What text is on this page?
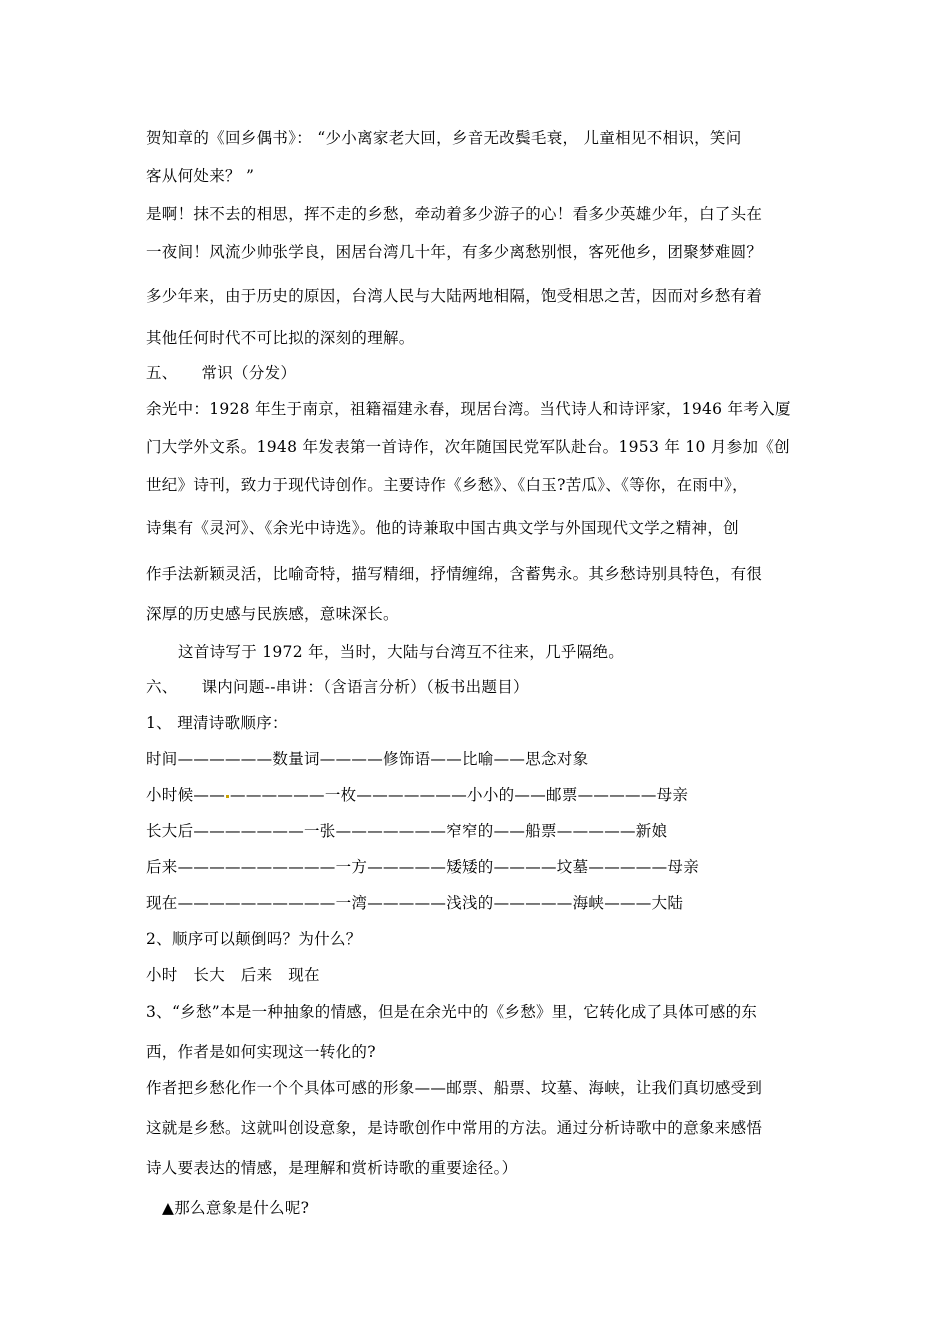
贺知章的《回乡偶书》： “少小离家老大回，乡音无改鬓毛衰， 儿童相见不相识，笑问
客从何处来？ ”
是啊！抹不去的相思，挥不走的乡愁，牵动着多少游子的心！看多少英雄少年，白了头在
一夜间！风流少帅张学良，困居台湾几十年，有多少离愁别恨，客死他乡，团聚梦难圆？
多少年来，由于历史的原因，台湾人民与大陆两地相隔，饱受相思之苦，因而对乡愁有着
其他任何时代不可比拟的深刻的理解。
五、　　常识（分发）
余光中：1928 年生于南京，祖籍福建永春，现居台湾。当代诗人和诗评家，1946 年考入厦
门大学外文系。1948 年发表第一首诗作，次年随国民党军队赴台。1953 年 10 月参加《创
世纪》诗刊，致力于现代诗创作。主要诗作《乡愁》、《白玉?苦瓜》、《等你，在雨中》，
诗集有《灵河》、《余光中诗选》。他的诗兼取中国古典文学与外国现代文学之精神，创
作手法新颖灵活，比喻奇特，描写精细，抒情缠绵，含蓄隽永。其乡愁诗别具特色，有很
深厚的历史感与民族感，意味深长。
这首诗写于 1972 年，当时，大陆与台湾互不往来，几乎隔绝。
六、　　课内问题--串讲：（含语言分析）（板书出题目）
1、 理清诗歌顺序：
时间——————数量词————修饰语——比喻——思念对象
小时候—— ——————一枚———————小小的——邮票—————母亲
长大后———————一张———————窄窄的——船票—————新娘
后来——————————一方—————矮矮的————坟墓—————母亲
现在——————————一湾—————浅浅的—————海峡———大陆
2、顺序可以颠倒吗？为什么？
小时　长大　后来　现在
3、“乡愁”本是一种抽象的情感，但是在余光中的《乡愁》里，它转化成了具体可感的东
西，作者是如何实现这一转化的?
作者把乡愁化作一个个具体可感的形象——邮票、船票、坟墓、海峡，让我们真切感受到
这就是乡愁。这就叫创设意象，是诗歌创作中常用的方法。通过分析诗歌中的意象来感悟
诗人要表达的情感，是理解和赏析诗歌的重要途径。）
▲那么意象是什么呢?
